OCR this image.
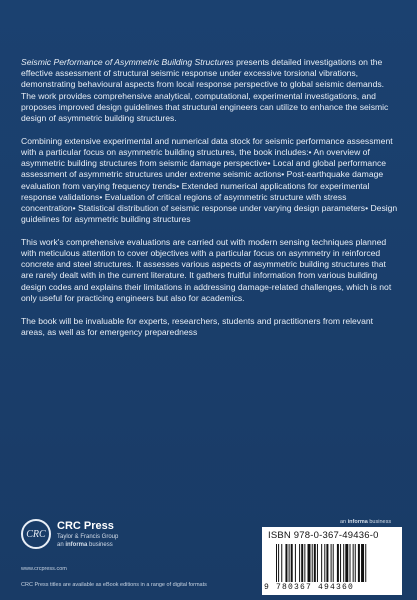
Seismic Performance of Asymmetric Building Structures presents detailed investigations on the effective assessment of structural seismic response under excessive torsional vibrations, demonstrating behavioural aspects from local response perspective to global seismic demands. The work provides comprehensive analytical, computational, experimental investigations, and proposes improved design guidelines that structural engineers can utilize to enhance the seismic design of asymmetric building structures.

Combining extensive experimental and numerical data stock for seismic performance assessment with a particular focus on asymmetric building structures, the book includes:• An overview of asymmetric building structures from seismic damage perspective• Local and global performance assessment of asymmetric structures under extreme seismic actions• Post-earthquake damage evaluation from varying frequency trends• Extended numerical applications for experimental response validations• Evaluation of critical regions of asymmetric structure with stress concentration• Statistical distribution of seismic response under varying design parameters• Design guidelines for asymmetric building structures

This work's comprehensive evaluations are carried out with modern sensing techniques planned with meticulous attention to cover objectives with a particular focus on asymmetry in reinforced concrete and steel structures. It assesses various aspects of asymmetric building structures that are rarely dealt with in the current literature. It gathers fruitful information from various building design codes and explains their limitations in addressing damage-related challenges, which is not only useful for practicing engineers but also for academics.

The book will be invaluable for experts, researchers, students and practitioners from relevant areas, as well as for emergency preparedness

CRC
CRC Press
Taylor & Francis Group
an informa business
www.crcpress.com
CRC Press titles are available as eBook editions in a range of digital formats
an informa business
ISBN 978-0-367-49436-0
9 780367 494360
